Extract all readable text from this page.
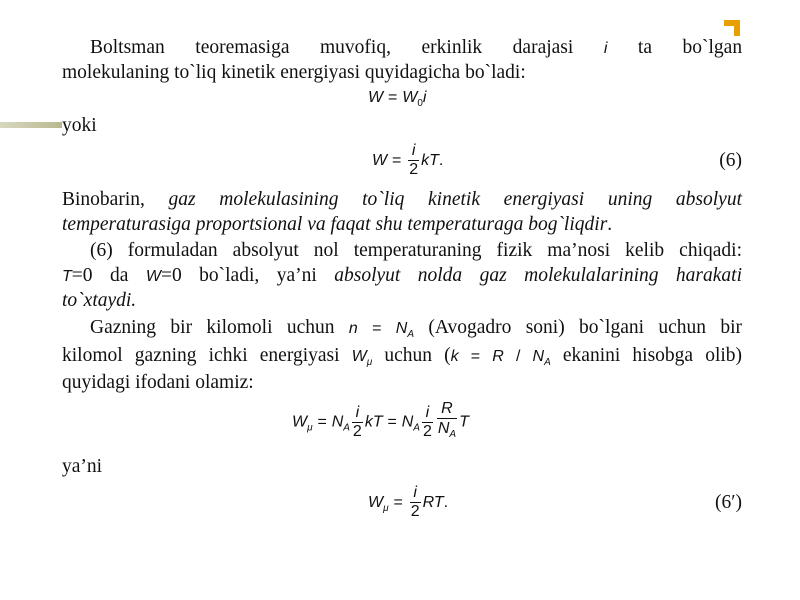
Boltsman teoremasiga muvofiq, erkinlik darajasi i ta bo`lgan
molekulaning to`liq kinetik energiyasi quyidagicha bo`ladi:
$W = W_0i$
yoki
$W = \frac{i}{2}$ kT.	(6)
Binobarin, gaz molekulasining to`liq kinetik energiyasi uning absolyut
temperaturasiga proportsional va faqat shu temperaturaga bog`liqdir.
(6) formuladan absolyut nol temperaturaning fizik ma’nosi kelib chiqadi:
T=0 da W=0 bo`ladi, ya’ni absolyut nolda gaz molekulalarining harakati
to`xtaydi.
Gazning bir kilomoli uchun $n = N_A$ (Avogadro soni) bo`lgani uchun bir
kilomol gazning ichki energiyasi $W_\mu$ uchun ($k = R / N_A$ ekanini hisobga olib)
quyidagi ifodani olamiz:
$W_\mu = N_A \frac{i}{2}$ kT = $N_A \frac{i}{2} \frac{R}{N_A}$ T
ya’ni
$W_\mu = \frac{i}{2}$ RT.	(6′)
